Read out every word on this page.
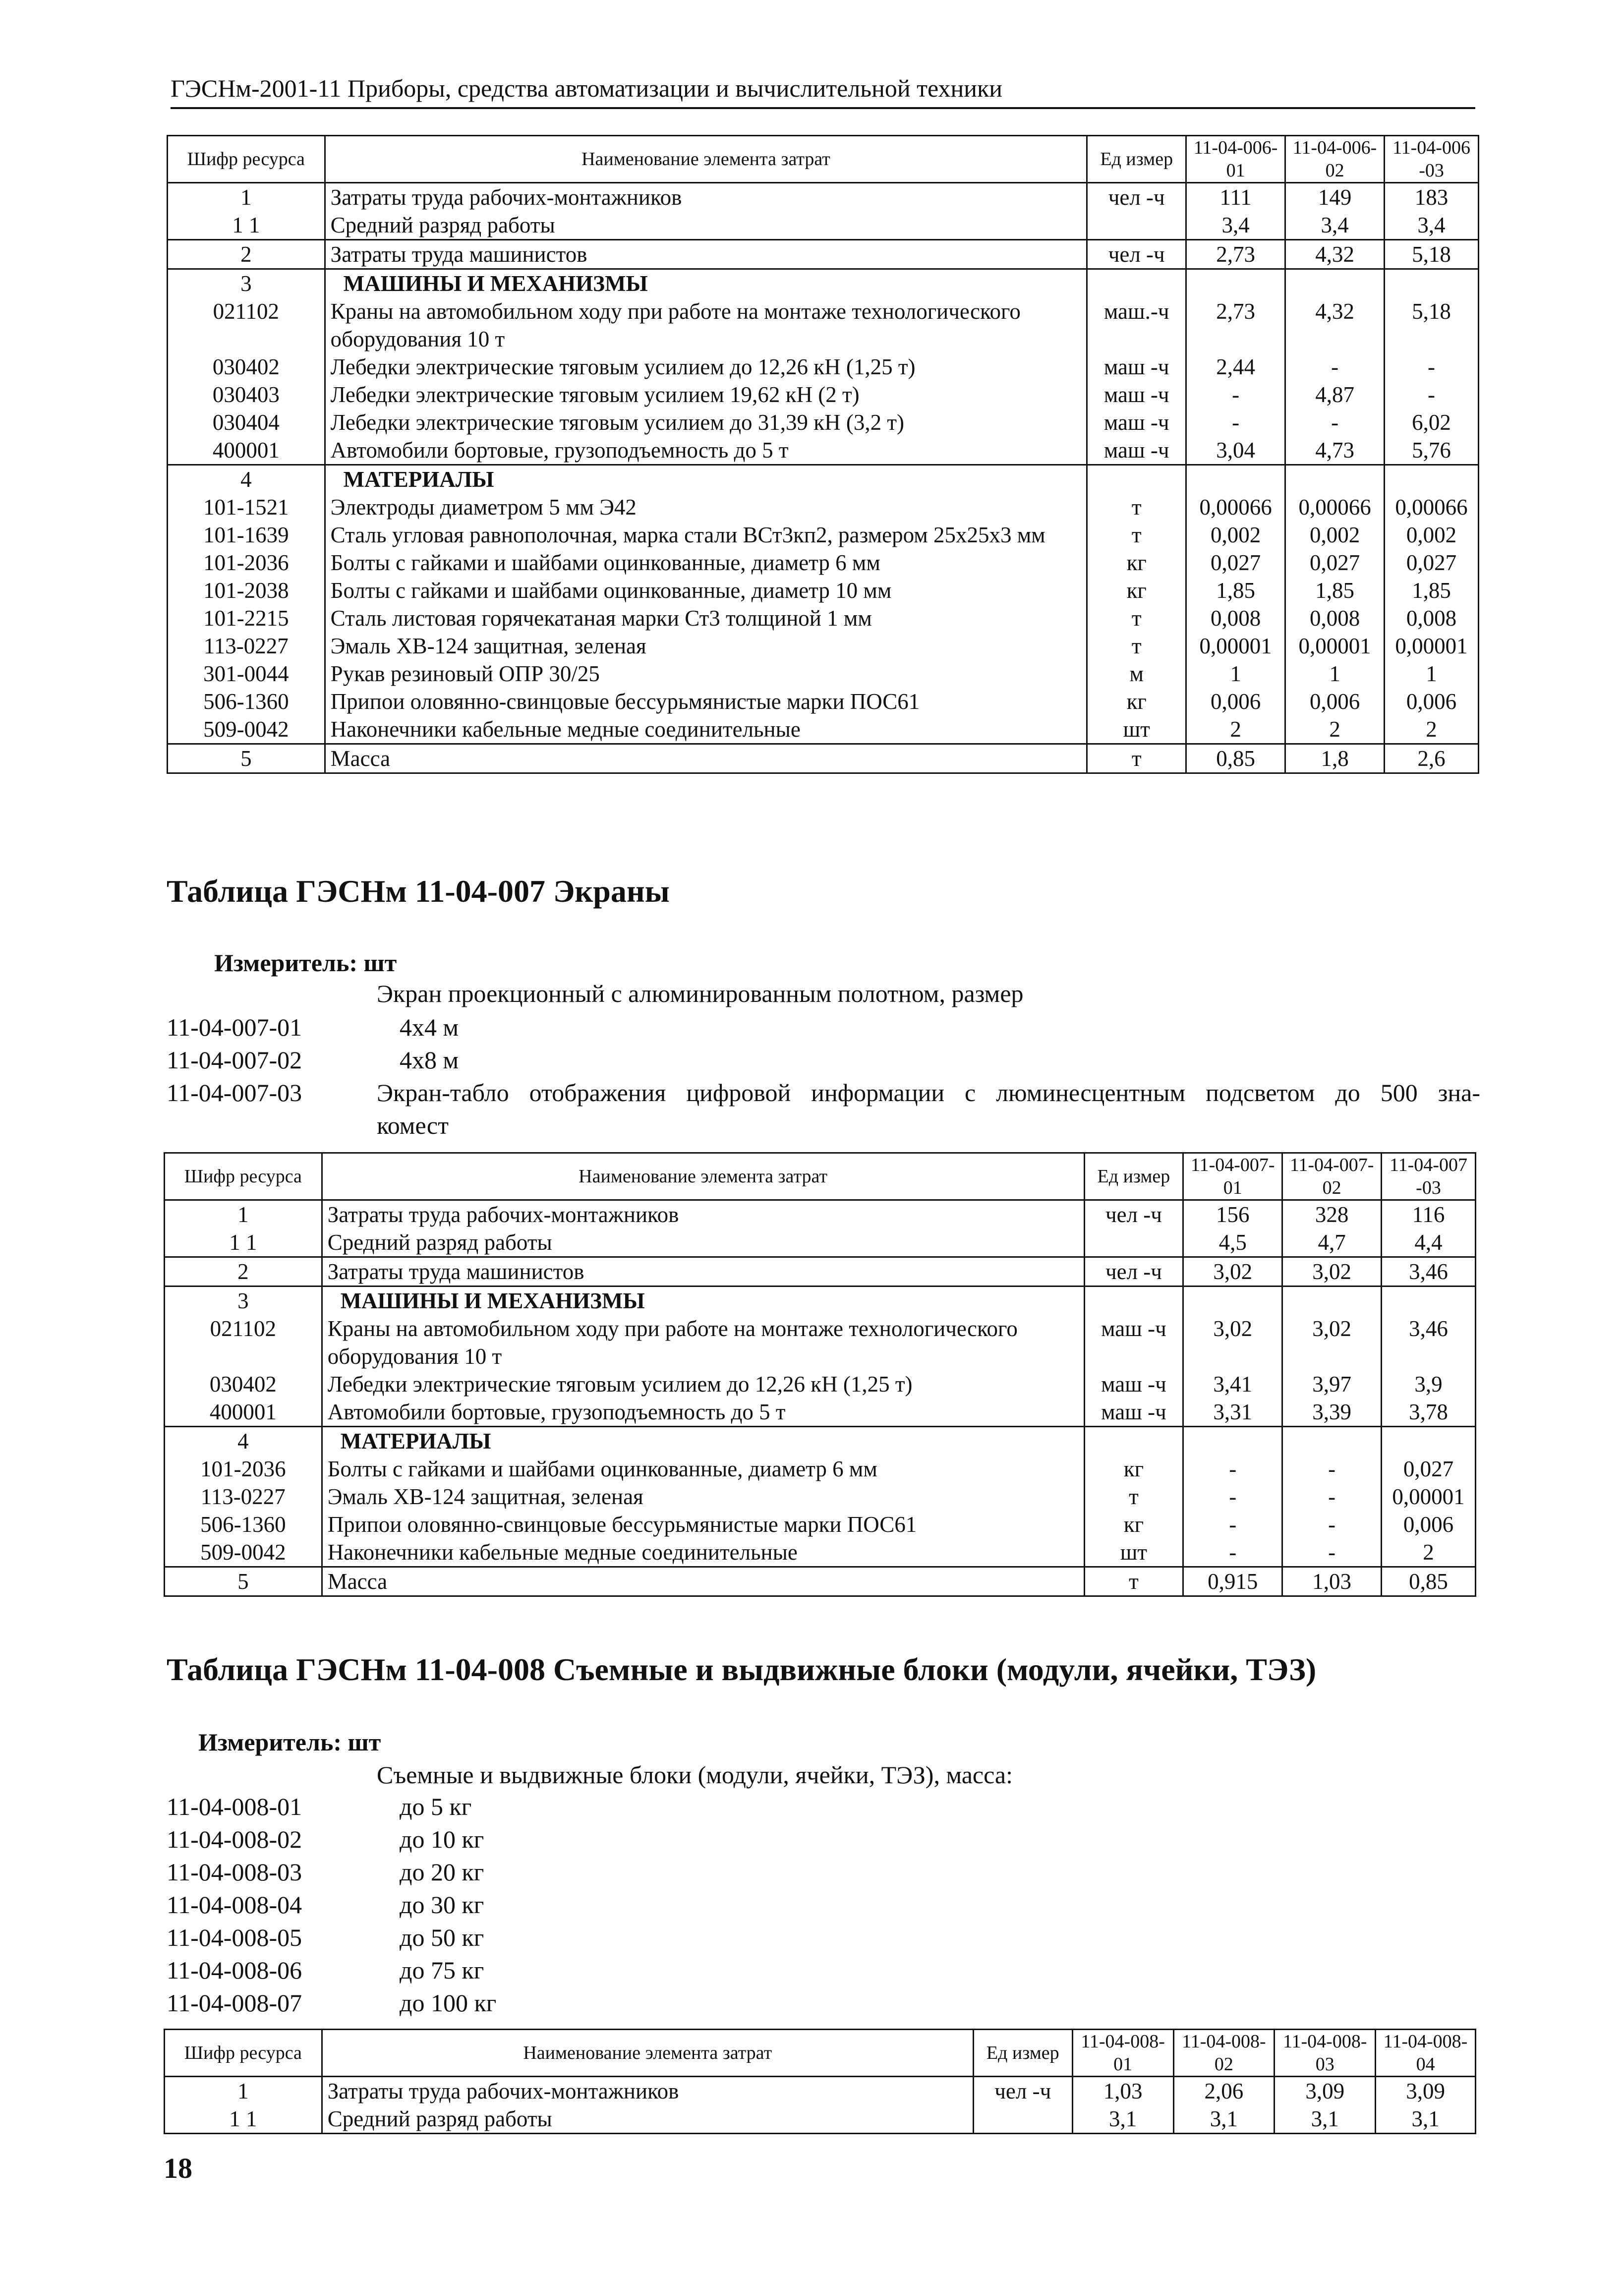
ГЭСНм-2001-11 Приборы, средства автоматизации и вычислительной техники
Шифр ресурса	Наименование элемента затрат	Ед измер	11-04-006-01	11-04-006-02	11-04-006-03
1	Затраты труда рабочих-монтажников	чел -ч	111	149	183
1 1	Средний разряд работы		3,4	3,4	3,4
2	Затраты труда машинистов	чел -ч	2,73	4,32	5,18
3	МАШИНЫ И МЕХАНИЗМЫ				
021102	Краны на автомобильном ходу при работе на монтаже технологического оборудования 10 т	маш.-ч	2,73	4,32	5,18
030402	Лебедки электрические тяговым усилием до 12,26 кН (1,25 т)	маш -ч	2,44	-	-
030403	Лебедки электрические тяговым усилием 19,62 кН (2 т)	маш -ч	-	4,87	-
030404	Лебедки электрические тяговым усилием до 31,39 кН (3,2 т)	маш -ч	-	-	6,02
400001	Автомобили бортовые, грузоподъемность до 5 т	маш -ч	3,04	4,73	5,76
4	МАТЕРИАЛЫ				
101-1521	Электроды диаметром 5 мм Э42	т	0,00066	0,00066	0,00066
101-1639	Сталь угловая равнополочная, марка стали ВСт3кп2, размером 25х25х3 мм	т	0,002	0,002	0,002
101-2036	Болты с гайками и шайбами оцинкованные, диаметр 6 мм	кг	0,027	0,027	0,027
101-2038	Болты с гайками и шайбами оцинкованные, диаметр 10 мм	кг	1,85	1,85	1,85
101-2215	Сталь листовая горячекатаная марки Ст3 толщиной 1 мм	т	0,008	0,008	0,008
113-0227	Эмаль ХВ-124 защитная, зеленая	т	0,00001	0,00001	0,00001
301-0044	Рукав резиновый ОПР 30/25	м	1	1	1
506-1360	Припои оловянно-свинцовые бессурьмянистые марки ПОС61	кг	0,006	0,006	0,006
509-0042	Наконечники кабельные медные соединительные	шт	2	2	2
5	Масса	т	0,85	1,8	2,6
Таблица ГЭСНм 11-04-007 Экраны
Измеритель: шт
Экран проекционный с алюминированным полотном, размер
11-04-007-01	4х4 м
11-04-007-02	4х8 м
11-04-007-03	Экран-табло отображения цифровой информации с люминесцентным подсветом до 500 зна-
комест
Шифр ресурса	Наименование элемента затрат	Ед измер	11-04-007-01	11-04-007-02	11-04-007-03
1	Затраты труда рабочих-монтажников	чел -ч	156	328	116
1 1	Средний разряд работы		4,5	4,7	4,4
2	Затраты труда машинистов	чел -ч	3,02	3,02	3,46
3	МАШИНЫ И МЕХАНИЗМЫ				
021102	Краны на автомобильном ходу при работе на монтаже технологического оборудования 10 т	маш -ч	3,02	3,02	3,46
030402	Лебедки электрические тяговым усилием до 12,26 кН (1,25 т)	маш -ч	3,41	3,97	3,9
400001	Автомобили бортовые, грузоподъемность до 5 т	маш -ч	3,31	3,39	3,78
4	МАТЕРИАЛЫ				
101-2036	Болты с гайками и шайбами оцинкованные, диаметр 6 мм	кг	-	-	0,027
113-0227	Эмаль ХВ-124 защитная, зеленая	т	-	-	0,00001
506-1360	Припои оловянно-свинцовые бессурьмянистые марки ПОС61	кг	-	-	0,006
509-0042	Наконечники кабельные медные соединительные	шт	-	-	2
5	Масса	т	0,915	1,03	0,85
Таблица ГЭСНм 11-04-008 Съемные и выдвижные блоки (модули, ячейки, ТЭЗ)
Измеритель: шт
Съемные и выдвижные блоки (модули, ячейки, ТЭЗ), масса:
11-04-008-01	до 5 кг
11-04-008-02	до 10 кг
11-04-008-03	до 20 кг
11-04-008-04	до 30 кг
11-04-008-05	до 50 кг
11-04-008-06	до 75 кг
11-04-008-07	до 100 кг
Шифр ресурса	Наименование элемента затрат	Ед измер	11-04-008-01	11-04-008-02	11-04-008-03	11-04-008-04
1	Затраты труда рабочих-монтажников	чел -ч	1,03	2,06	3,09	3,09
1 1	Средний разряд работы		3,1	3,1	3,1	3,1
18
